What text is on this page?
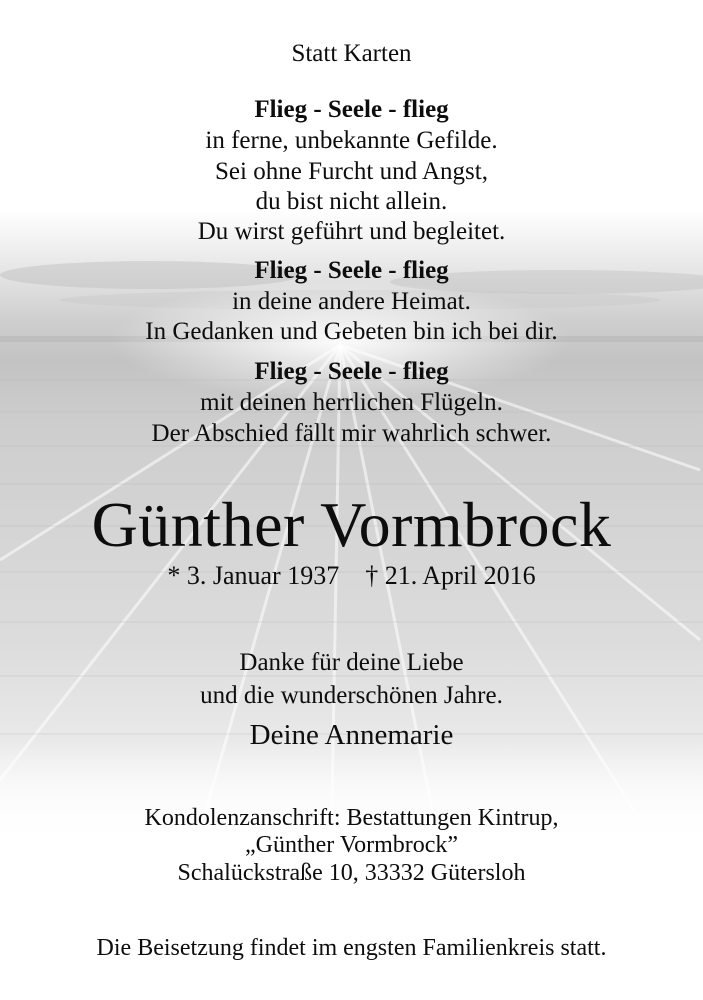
Statt Karten
Flieg - Seele - flieg
in ferne, unbekannte Gefilde.
Sei ohne Furcht und Angst,
du bist nicht allein.
Du wirst geführt und begleitet.
Flieg - Seele - flieg
in deine andere Heimat.
In Gedanken und Gebeten bin ich bei dir.
Flieg - Seele - flieg
mit deinen herrlichen Flügeln.
Der Abschied fällt mir wahrlich schwer.
Günther Vormbrock
* 3. Januar 1937 † 21. April 2016
Danke für deine Liebe
und die wunderschönen Jahre.
Deine Annemarie
Kondolenzanschrift: Bestattungen Kintrup,
„Günther Vormbrock”
Schalückstraße 10, 33332 Gütersloh
Die Beisetzung findet im engsten Familienkreis statt.
